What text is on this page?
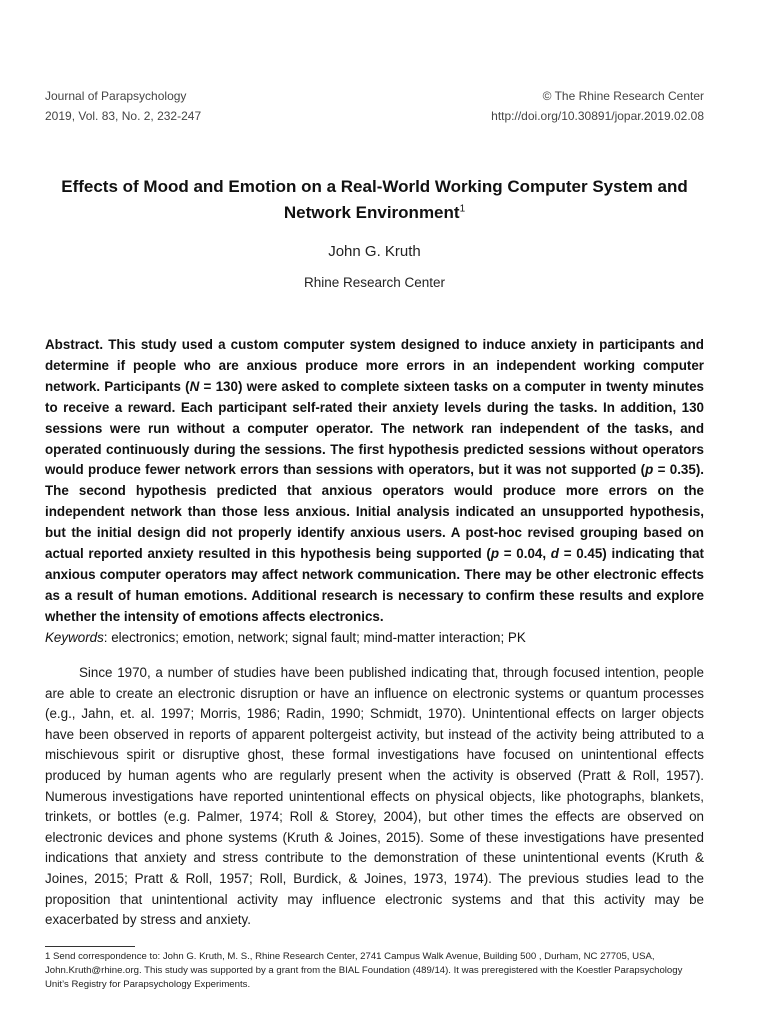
Journal of Parapsychology
2019, Vol. 83, No. 2, 232-247
© The Rhine Research Center
http://doi.org/10.30891/jopar.2019.02.08
Effects of Mood and Emotion on a Real-World Working Computer System and Network Environment$^1$
John G. Kruth
Rhine Research Center

Abstract. This study used a custom computer system designed to induce anxiety in participants and determine if people who are anxious produce more errors in an independent working computer network. Participants (N = 130) were asked to complete sixteen tasks on a computer in twenty minutes to receive a reward. Each participant self-rated their anxiety levels during the tasks. In addition, 130 sessions were run without a computer operator. The network ran independent of the tasks, and operated continuously during the sessions. The first hypothesis predicted sessions without operators would produce fewer network errors than sessions with operators, but it was not supported (p = 0.35). The second hypothesis predicted that anxious operators would produce more errors on the independent network than those less anxious. Initial analysis indicated an unsupported hypothesis, but the initial design did not properly identify anxious users. A post-hoc revised grouping based on actual reported anxiety resulted in this hypothesis being supported (p = 0.04, d = 0.45) indicating that anxious computer operators may affect network communication. There may be other electronic effects as a result of human emotions. Additional research is necessary to confirm these results and explore whether the intensity of emotions affects electronics.

Keywords: electronics; emotion, network; signal fault; mind-matter interaction; PK

Since 1970, a number of studies have been published indicating that, through focused intention, people are able to create an electronic disruption or have an influence on electronic systems or quantum processes (e.g., Jahn, et. al. 1997; Morris, 1986; Radin, 1990; Schmidt, 1970). Unintentional effects on larger objects have been observed in reports of apparent poltergeist activity, but instead of the activity being attributed to a mischievous spirit or disruptive ghost, these formal investigations have focused on unintentional effects produced by human agents who are regularly present when the activity is observed (Pratt & Roll, 1957). Numerous investigations have reported unintentional effects on physical objects, like photographs, blankets, trinkets, or bottles (e.g. Palmer, 1974; Roll & Storey, 2004), but other times the effects are observed on electronic devices and phone systems (Kruth & Joines, 2015). Some of these investigations have presented indications that anxiety and stress contribute to the demonstration of these unintentional events (Kruth & Joines, 2015; Pratt & Roll, 1957; Roll, Burdick, & Joines, 1973, 1974). The previous studies lead to the proposition that unintentional activity may influence electronic systems and that this activity may be exacerbated by stress and anxiety.

1 Send correspondence to: John G. Kruth, M. S., Rhine Research Center, 2741 Campus Walk Avenue, Building 500 , Durham, NC 27705, USA, John.Kruth@rhine.org. This study was supported by a grant from the BIAL Foundation (489/14). It was preregistered with the Koestler Parapsychology Unit’s Registry for Parapsychology Experiments.
